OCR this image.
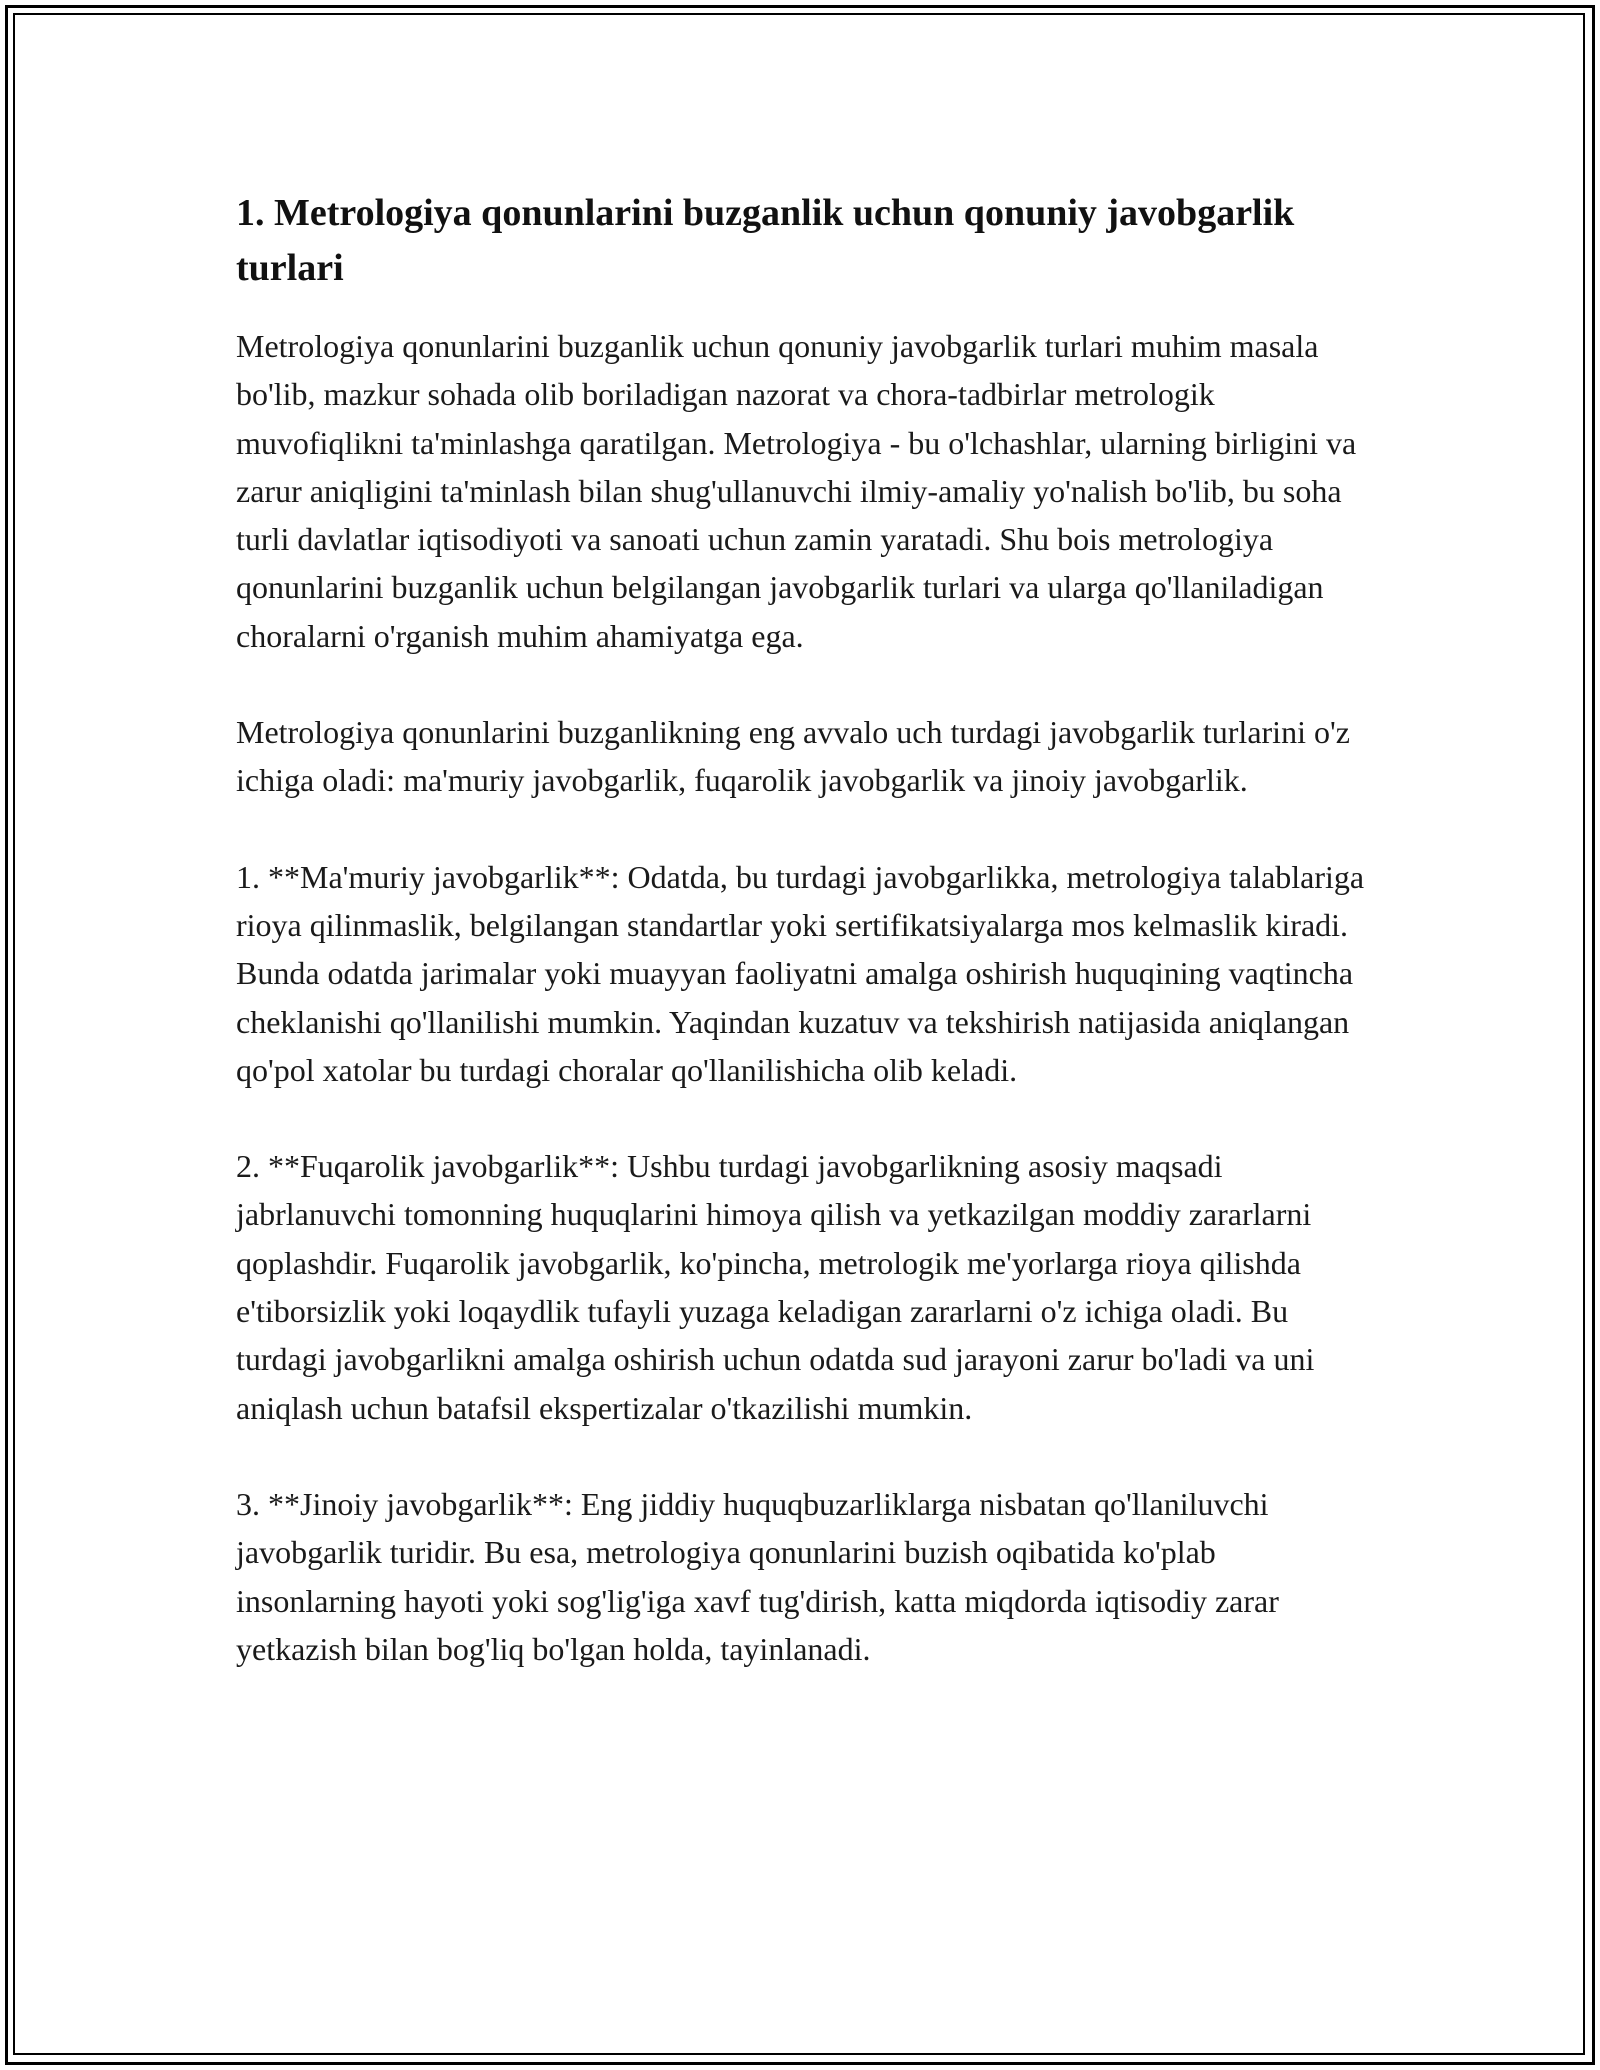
1. Metrologiya qonunlarini buzganlik uchun qonuniy javobgarlik turlari

Metrologiya qonunlarini buzganlik uchun qonuniy javobgarlik turlari muhim masala bo'lib, mazkur sohada olib boriladigan nazorat va chora-tadbirlar metrologik muvofiqlikni ta'minlashga qaratilgan. Metrologiya - bu o'lchashlar, ularning birligini va zarur aniqligini ta'minlash bilan shug'ullanuvchi ilmiy-amaliy yo'nalish bo'lib, bu soha turli davlatlar iqtisodiyoti va sanoati uchun zamin yaratadi. Shu bois metrologiya qonunlarini buzganlik uchun belgilangan javobgarlik turlari va ularga qo'llaniladigan choralarni o'rganish muhim ahamiyatga ega.

Metrologiya qonunlarini buzganlikning eng avvalo uch turdagi javobgarlik turlarini o'z ichiga oladi: ma'muriy javobgarlik, fuqarolik javobgarlik va jinoiy javobgarlik.

1. **Ma'muriy javobgarlik**: Odatda, bu turdagi javobgarlikka, metrologiya talablariga rioya qilinmaslik, belgilangan standartlar yoki sertifikatsiyalarga mos kelmaslik kiradi. Bunda odatda jarimalar yoki muayyan faoliyatni amalga oshirish huquqining vaqtincha cheklanishi qo'llanilishi mumkin. Yaqindan kuzatuv va tekshirish natijasida aniqlangan qo'pol xatolar bu turdagi choralar qo'llanilishicha olib keladi.

2. **Fuqarolik javobgarlik**: Ushbu turdagi javobgarlikning asosiy maqsadi jabrlanuvchi tomonning huquqlarini himoya qilish va yetkazilgan moddiy zararlarni qoplashdir. Fuqarolik javobgarlik, ko'pincha, metrologik me'yorlarga rioya qilishda e'tiborsizlik yoki loqaydlik tufayli yuzaga keladigan zararlarni o'z ichiga oladi. Bu turdagi javobgarlikni amalga oshirish uchun odatda sud jarayoni zarur bo'ladi va uni aniqlash uchun batafsil ekspertizalar o'tkazilishi mumkin.

3. **Jinoiy javobgarlik**: Eng jiddiy huquqbuzarliklarga nisbatan qo'llaniluvchi javobgarlik turidir. Bu esa, metrologiya qonunlarini buzish oqibatida ko'plab insonlarning hayoti yoki sog'lig'iga xavf tug'dirish, katta miqdorda iqtisodiy zarar yetkazish bilan bog'liq bo'lgan holda, tayinlanadi.
